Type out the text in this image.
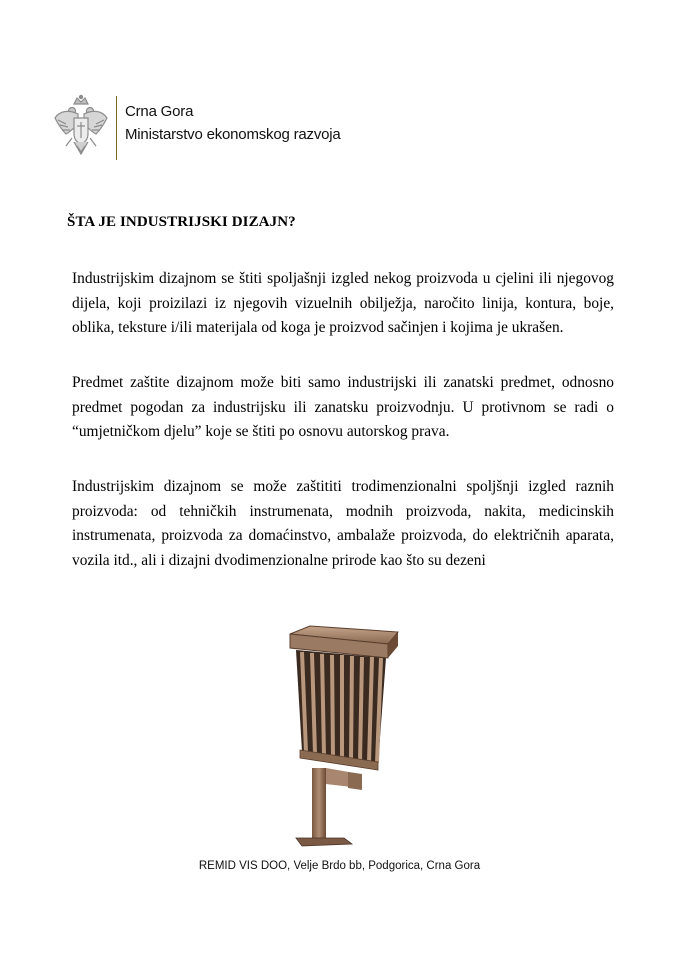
Crna Gora
Ministarstvo ekonomskog razvoja
ŠTA JE INDUSTRIJSKI DIZAJN?

Industrijskim dizajnom se štiti spoljašnji izgled nekog proizvoda u cjelini ili njegovog dijela, koji proizilazi iz njegovih vizuelnih obilježja, naročito linija, kontura, boje, oblika, teksture i/ili materijala od koga je proizvod sačinjen i kojima je ukrašen.

Predmet zaštite dizajnom može biti samo industrijski ili zanatski predmet, odnosno predmet pogodan za industrijsku ili zanatsku proizvodnju. U protivnom se radi o “umjetničkom djelu” koje se štiti po osnovu autorskog prava.

Industrijskim dizajnom se može zaštititi trodimenzionalni spoljšnji izgled raznih proizvoda: od tehničkih instrumenata, modnih proizvoda, nakita, medicinskih instrumenata, proizvoda za domaćinstvo, ambalaže proizvoda, do električnih aparata, vozila itd., ali i dizajni dvodimenzionalne prirode kao što su dezeni

REMID VIS DOO, Velje Brdo bb, Podgorica, Crna Gora
